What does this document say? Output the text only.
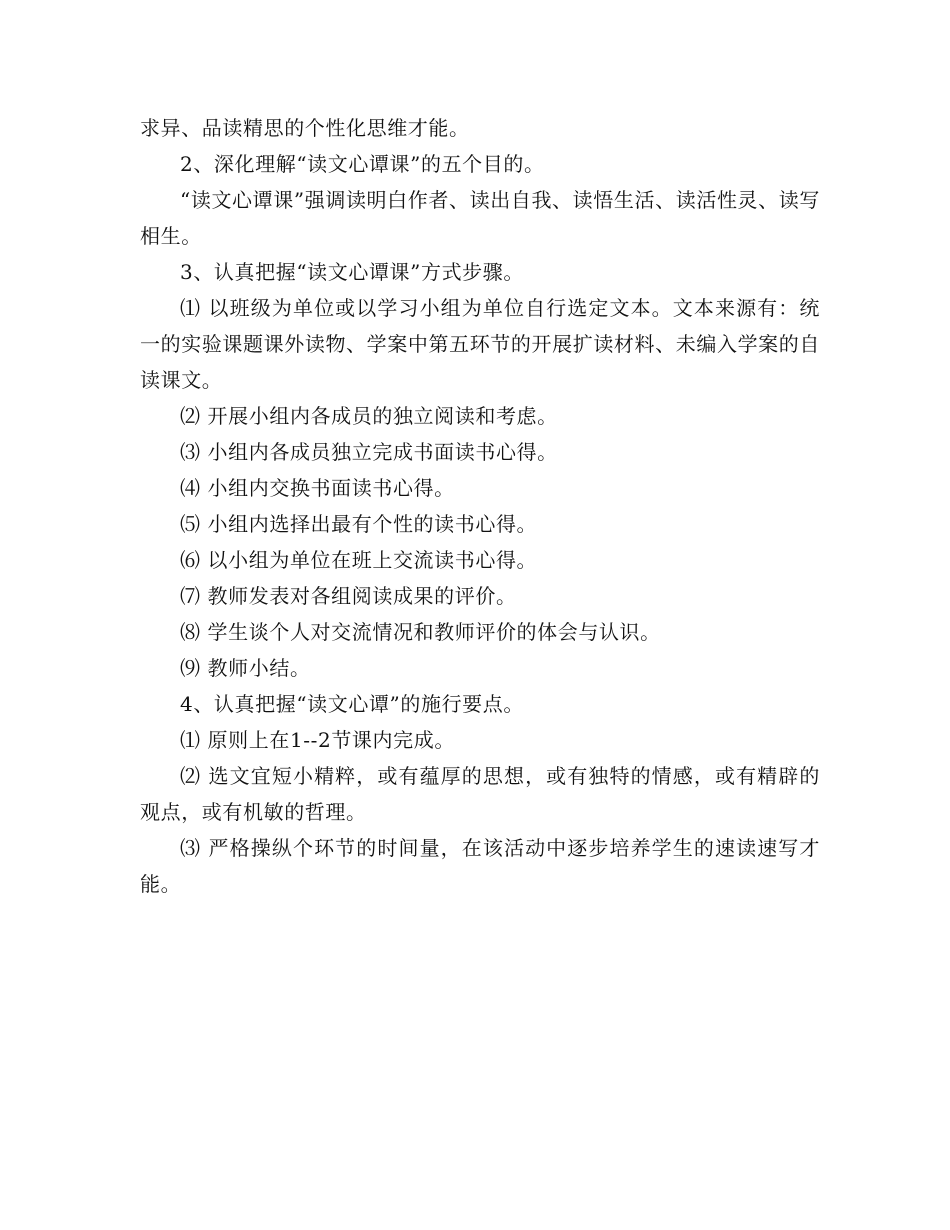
求异、品读精思的个性化思维才能。

2、深化理解“读文心谭课”的五个目的。

“读文心谭课”强调读明白作者、读出自我、读悟生活、读活性灵、读写相生。

3、认真把握“读文心谭课”方式步骤。

⑴ 以班级为单位或以学习小组为单位自行选定文本。文本来源有：统一的实验课题课外读物、学案中第五环节的开展扩读材料、未编入学案的自读课文。

⑵ 开展小组内各成员的独立阅读和考虑。

⑶ 小组内各成员独立完成书面读书心得。

⑷ 小组内交换书面读书心得。

⑸ 小组内选择出最有个性的读书心得。

⑹ 以小组为单位在班上交流读书心得。

⑺ 教师发表对各组阅读成果的评价。

⑻ 学生谈个人对交流情况和教师评价的体会与认识。

⑼ 教师小结。

4、认真把握“读文心谭”的施行要点。

⑴ 原则上在1--2节课内完成。

⑵ 选文宜短小精粹，或有蕴厚的思想，或有独特的情感，或有精辟的观点，或有机敏的哲理。

⑶ 严格操纵个环节的时间量，在该活动中逐步培养学生的速读速写才能。
